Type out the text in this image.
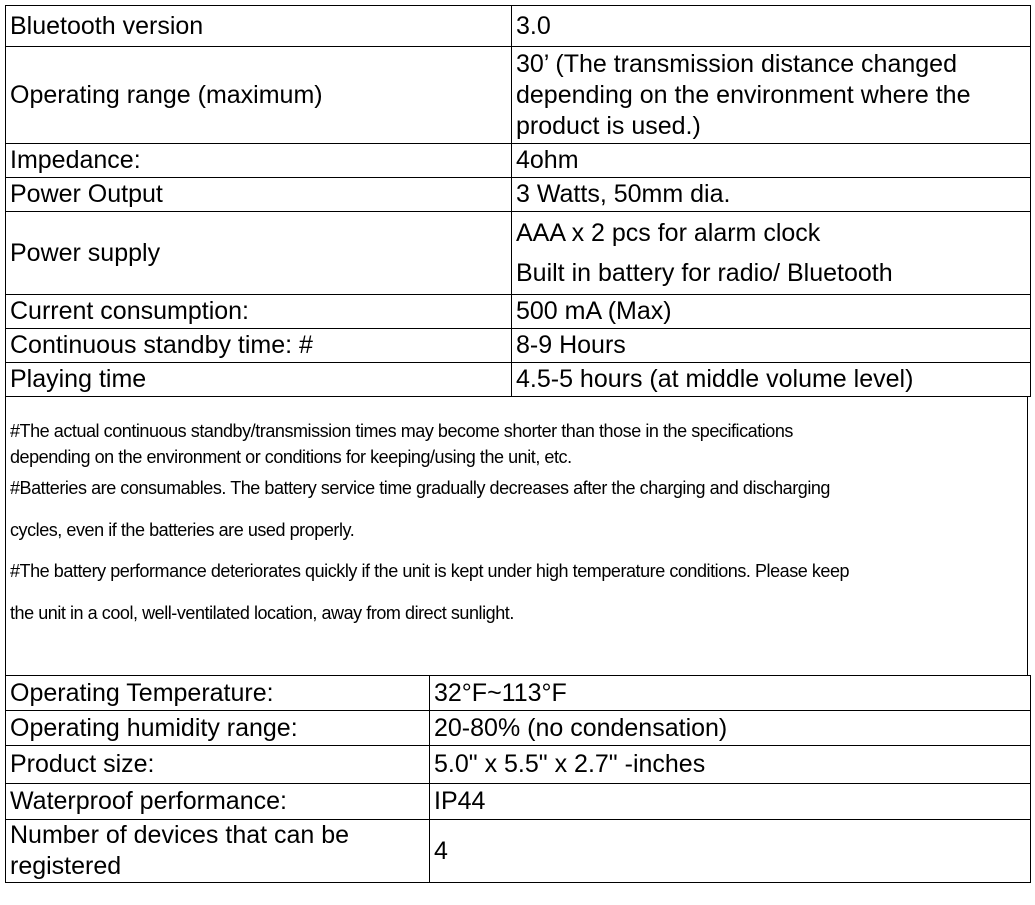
Bluetooth version	3.0
Operating range (maximum)	30’ (The transmission distance changed depending on the environment where the product is used.)
Impedance:	4ohm
Power Output	3 Watts, 50mm dia.
Power supply	AAA x 2 pcs for alarm clock
Built in battery for radio/ Bluetooth

Current consumption:	500 mA (Max)
Continuous standby time: #	8-9 Hours
Playing time	4.5-5 hours (at middle volume level)
#The actual continuous standby/transmission times may become shorter than those in the specifications
depending on the environment or conditions for keeping/using the unit, etc.
#Batteries are consumables. The battery service time gradually decreases after the charging and discharging
cycles, even if the batteries are used properly.
#The battery performance deteriorates quickly if the unit is kept under high temperature conditions. Please keep
the unit in a cool, well-ventilated location, away from direct sunlight.
Operating Temperature:	32°F~113°F
Operating humidity range:	20-80% (no condensation)
Product size:	5.0" x 5.5" x 2.7" -inches
Waterproof performance:	IP44
Number of devices that can be registered	4
